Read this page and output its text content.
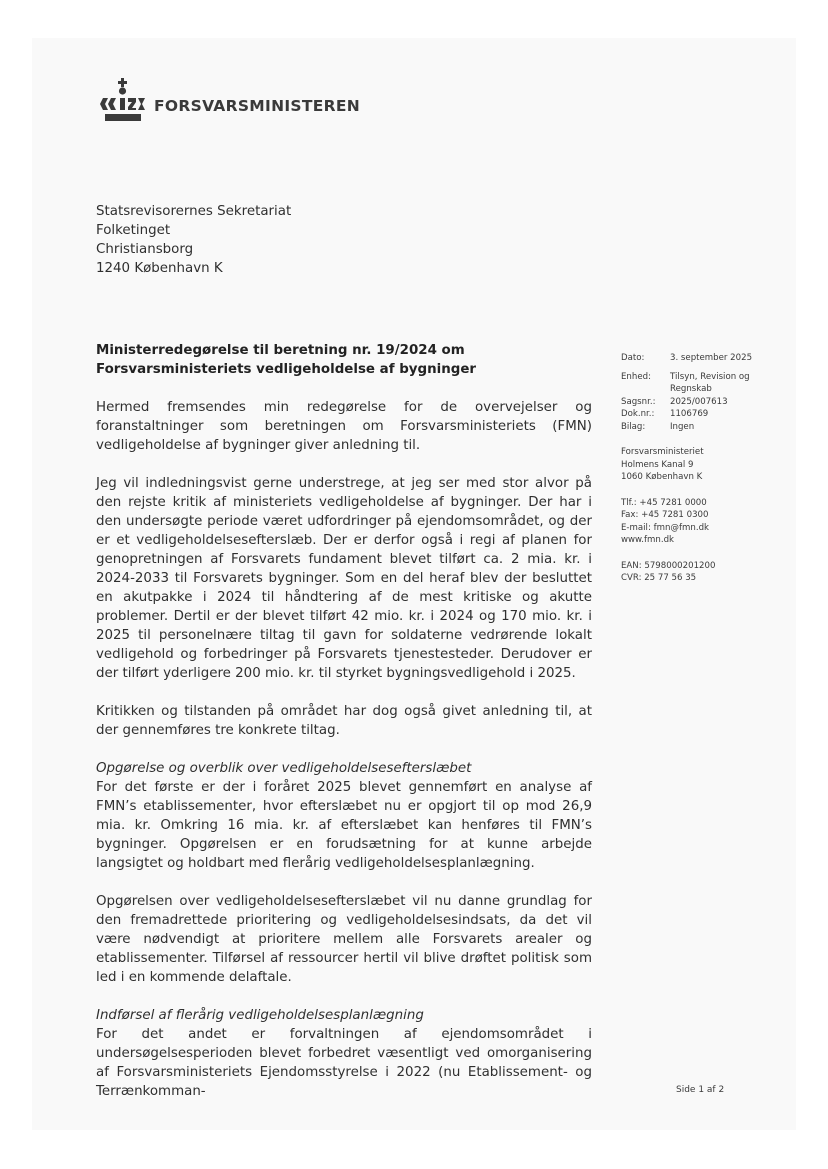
FORSVARSMINISTEREN
Statsrevisorernes Sekretariat
Folketinget
Christiansborg
1240 København K
Ministerredegørelse til beretning nr. 19/2024 om Forsvarsministeriets vedligeholdelse af bygninger

Hermed fremsendes min redegørelse for de overvejelser og foranstaltninger som beretningen om Forsvarsministeriets (FMN) vedligeholdelse af bygninger giver anledning til.

Jeg vil indledningsvist gerne understrege, at jeg ser med stor alvor på den rejste kritik af ministeriets vedligeholdelse af bygninger. Der har i den undersøgte periode været udfordringer på ejendomsområdet, og der er et vedligeholdelsesefterslæb. Der er derfor også i regi af planen for genopretningen af Forsvarets fundament blevet tilført ca. 2 mia. kr. i 2024-2033 til Forsvarets bygninger. Som en del heraf blev der besluttet en akutpakke i 2024 til håndtering af de mest kritiske og akutte problemer. Dertil er der blevet tilført 42 mio. kr. i 2024 og 170 mio. kr. i 2025 til personelnære tiltag til gavn for soldaterne vedrørende lokalt vedligehold og forbedringer på Forsvarets tjenestesteder. Derudover er der tilført yderligere 200 mio. kr. til styrket bygningsvedligehold i 2025.

Kritikken og tilstanden på området har dog også givet anledning til, at der gennemføres tre konkrete tiltag.

Opgørelse og overblik over vedligeholdelsesefterslæbet

For det første er der i foråret 2025 blevet gennemført en analyse af FMN’s etablissementer, hvor efterslæbet nu er opgjort til op mod 26,9 mia. kr. Omkring 16 mia. kr. af efterslæbet kan henføres til FMN’s bygninger. Opgørelsen er en forudsætning for at kunne arbejde langsigtet og holdbart med flerårig vedligeholdelsesplanlægning.

Opgørelsen over vedligeholdelsesefterslæbet vil nu danne grundlag for den fremadrettede prioritering og vedligeholdelsesindsats, da det vil være nødvendigt at prioritere mellem alle Forsvarets arealer og etablissementer. Tilførsel af ressourcer hertil vil blive drøftet politisk som led i en kommende delaftale.

Indførsel af flerårig vedligeholdelsesplanlægning

For det andet er forvaltningen af ejendomsområdet i undersøgelsesperioden blevet forbedret væsentligt ved omorganisering af Forsvarsministeriets Ejendomsstyrelse i 2022 (nu Etablissement- og Terrænkomman-

Dato:	3. september 2025
Enhed:	Tilsyn, Revision og Regnskab
Sagsnr.:	2025/007613
Dok.nr.:	1106769
Bilag:	Ingen
Forsvarsministeriet
Holmens Kanal 9
1060 København K
Tlf.: +45 7281 0000
Fax: +45 7281 0300
E-mail: fmn@fmn.dk
www.fmn.dk
EAN: 5798000201200
CVR: 25 77 56 35
Side 1 af 2
